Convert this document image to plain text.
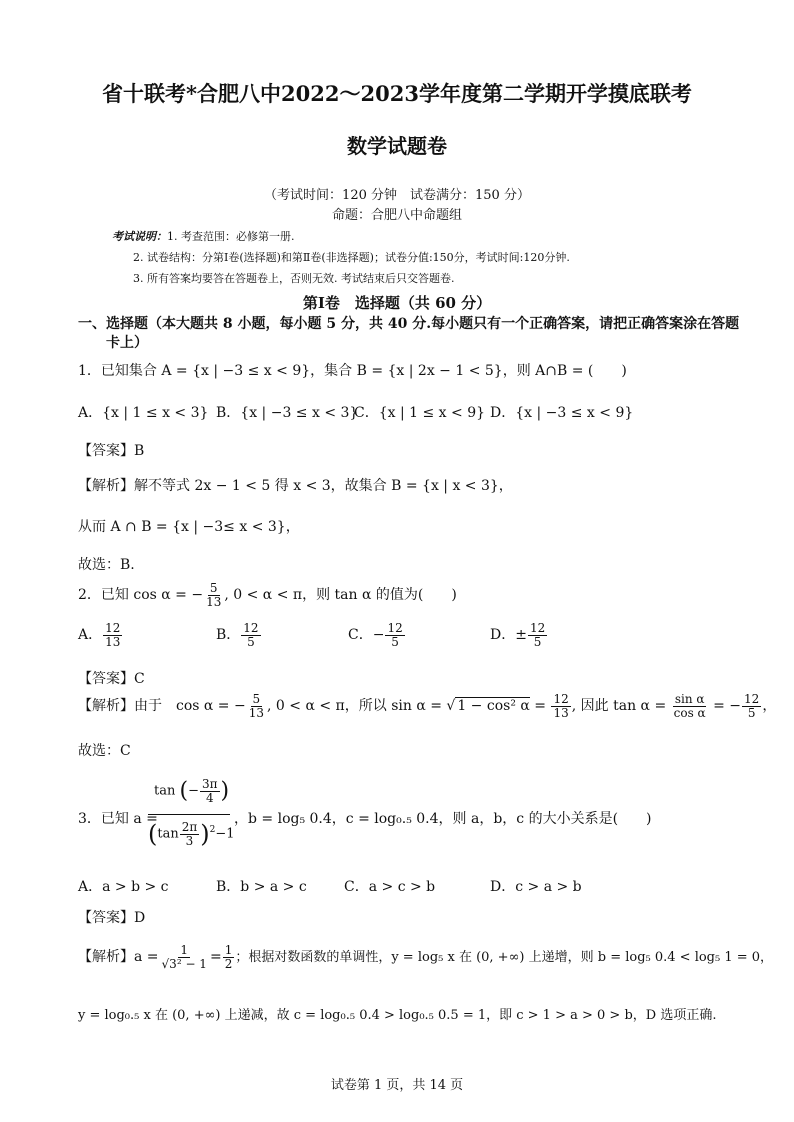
省十联考*合肥八中2022～2023学年度第二学期开学摸底联考
数学试题卷
（考试时间：120 分钟　试卷满分：150 分）
命题：合肥八中命题组
考试说明：1. 考查范围：必修第一册.
2. 试卷结构：分第Ⅰ卷(选择题)和第Ⅱ卷(非选择题)；试卷分值:150分，考试时间:120分钟.
3. 所有答案均要答在答题卷上，否则无效. 考试结束后只交答题卷.
第Ⅰ卷　选择题（共 60 分）
一、选择题（本大题共 8 小题，每小题 5 分，共 40 分.每小题只有一个正确答案，请把正确答案涂在答题
卡上）
1．已知集合 A = {x | −3 ≤ x < 9}，集合 B = {x | 2x − 1 < 5}，则 A∩B = (　　)
A．{x | 1 ≤ x < 3} B．{x | −3 ≤ x < 3}
C．{x | 1 ≤ x < 9} D．{x | −3 ≤ x < 9}
【答案】B
【解析】解不等式 2x − 1 < 5 得 x < 3，故集合 B = {x | x < 3}，
从而 A ∩ B = {x | −3≤ x < 3}，
故选：B.
2．已知 cos α = − $\frac{5}{13}$ , 0 < α < π，则 tan α 的值为(　　)
A． $\frac{12}{13}$	B． $\frac{12}{5}$	C．− $\frac{12}{5}$	D．± $\frac{12}{5}$
【答案】C
【解析】由于　cos α = − $\frac{5}{13}$ , 0 < α < π，所以 sin α = √ 1 − cos² $\alpha = \frac{12}{13}$ , 因此 $\tan \alpha = \frac{\text{sin α}}{\text{cos α}}$ = − $\frac{12}{5}$ ，
故选：C
3．已知 a =
tan (− $\frac{3\pi}{4}$ )
$(\tan \frac{2\pi}{3} )^2-1$
，b = log₅ 0.4，c = log₀.₅ 0.4，则 a，b，c 的大小关系是(　　)
A．a > b > c	B．b > a > c	C．a > c > b	D．c > a > b
【答案】D
【解析】$a = \frac{1}{\text{√3² − 1}} = \frac{1}{2}$ ；根据对数函数的单调性，y = log₅ x 在 (0, +∞) 上递增，则 b = log₅ 0.4 < log₅ 1 = 0，
y = log₀.₅ x 在 (0, +∞) 上递减，故 c = log₀.₅ 0.4 > log₀.₅ 0.5 = 1，即 c > 1 > a > 0 > b，D 选项正确.
试卷第 1 页，共 14 页
